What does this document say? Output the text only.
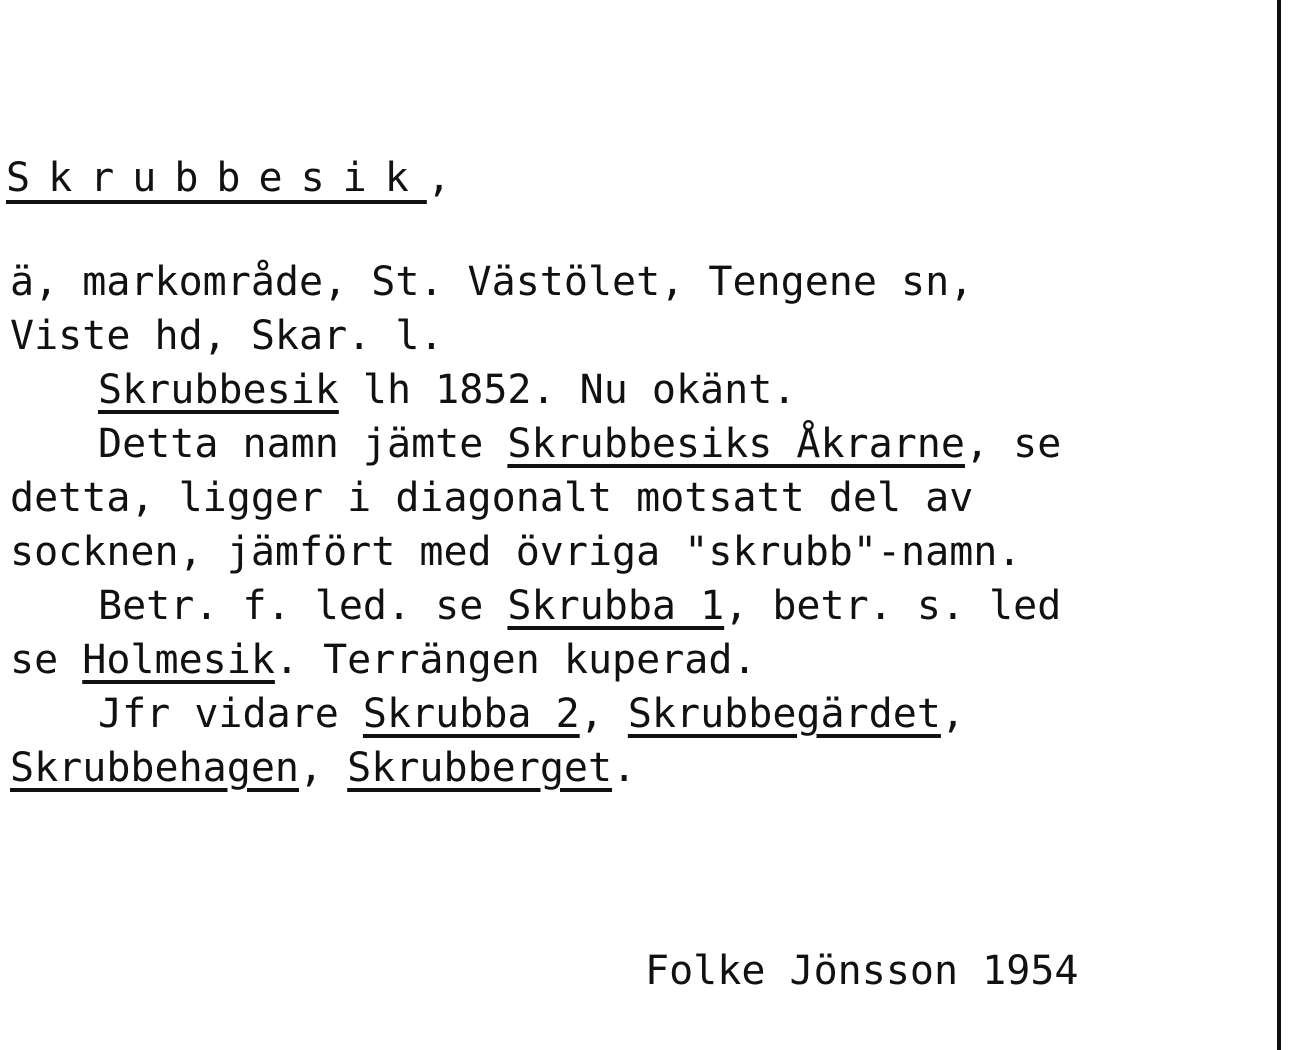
Skrubbesik,
ä, markområde, St. Västölet, Tengene sn,
Viste hd, Skar. l.
Skrubbesik lh 1852. Nu okänt.
Detta namn jämte Skrubbesiks Åkrarne, se
detta, ligger i diagonalt motsatt del av
socknen, jämfört med övriga "skrubb"-namn.
Betr. f. led. se Skrubba 1, betr. s. led
se Holmesik. Terrängen kuperad.
Jfr vidare Skrubba 2, Skrubbegärdet,
Skrubbehagen, Skrubberget.
Folke Jönsson 1954
